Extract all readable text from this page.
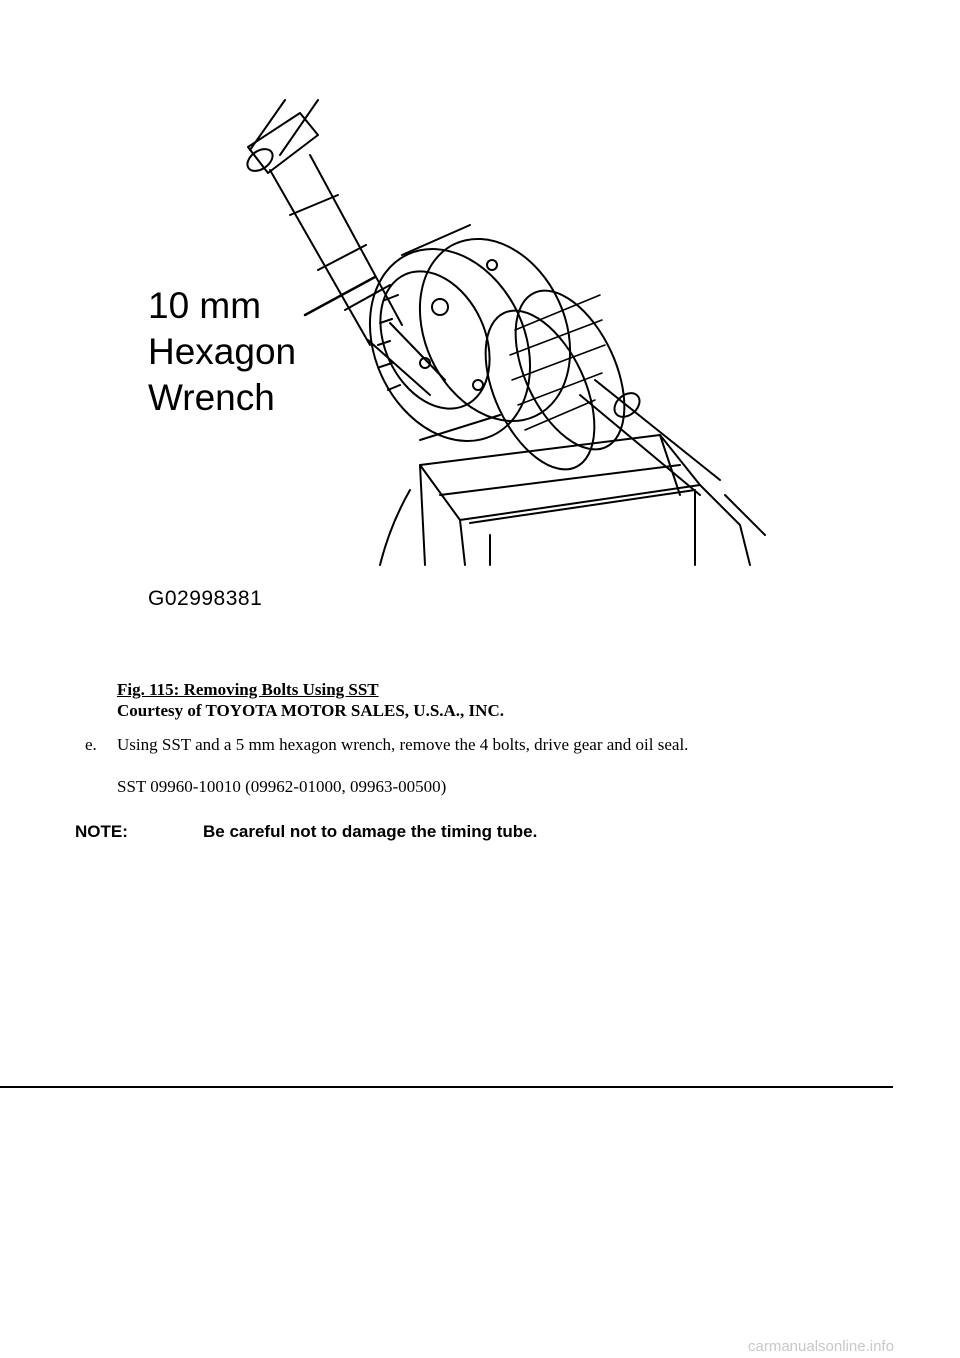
10 mm
Hexagon
Wrench
G02998381
Fig. 115: Removing Bolts Using SST
Courtesy of TOYOTA MOTOR SALES, U.S.A., INC.
e. Using SST and a 5 mm hexagon wrench, remove the 4 bolts, drive gear and oil seal.
SST 09960-10010 (09962-01000, 09963-00500)
NOTE:	Be careful not to damage the timing tube.
carmanualsonline.info
